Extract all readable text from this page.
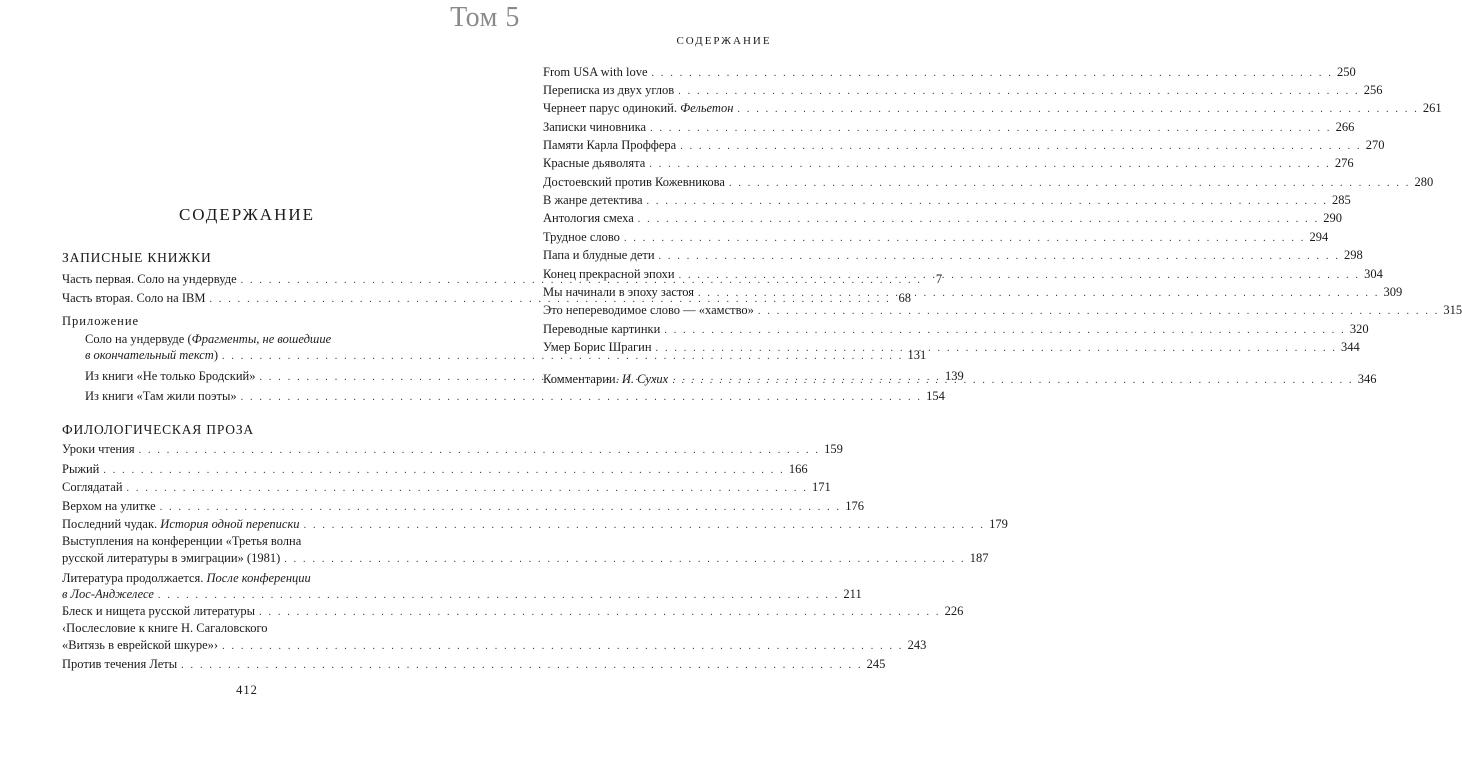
Том 5
СОДЕРЖАНИЕ
ЗАПИСНЫЕ КНИЖКИ
Часть первая. Соло на ундервуде . . .	7
Часть вторая. Соло на IBM . . .	68
Приложение
Соло на ундервуде (Фрагменты, не вошедшие
в окончательный текст) . . .	131
Из книги «Не только Бродский» . . .	139
Из книги «Там жили поэты» . . .	154
ФИЛОЛОГИЧЕСКАЯ ПРОЗА
Уроки чтения . . .	159
Рыжий . . .	166
Соглядатай . . .	171
Верхом на улитке . . .	176
Последний чудак. История одной переписки . . .	179
Выступления на конференции «Третья волна
русской литературы в эмиграции» (1981) . . .	187
Литература продолжается. После конференции
в Лос-Анджелесе . . .	211
Блеск и нищета русской литературы . . .	226
‹Послесловие к книге Н. Сагаловского
«Витязь в еврейской шкуре»› . . .	243
Против течения Леты . . .	245
412
СОДЕРЖАНИЕ
From USA with love . . .	250
Переписка из двух углов . . .	256
Чернеет парус одинокий. Фельетон . . .	261
Записки чиновника . . .	266
Памяти Карла Проффера . . .	270
Красные дьяволята . . .	276
Достоевский против Кожевникова . . .	280
В жанре детектива . . .	285
Антология смеха . . .	290
Трудное слово . . .	294
Папа и блудные дети . . .	298
Конец прекрасной эпохи . . .	304
Мы начинали в эпоху застоя . . .	309
Это непереводимое слово — «хамство» . . .	315
Переводные картинки . . .	320
Умер Борис Шрагин . . .	344
Комментарии. И. Сухих . . .	346
